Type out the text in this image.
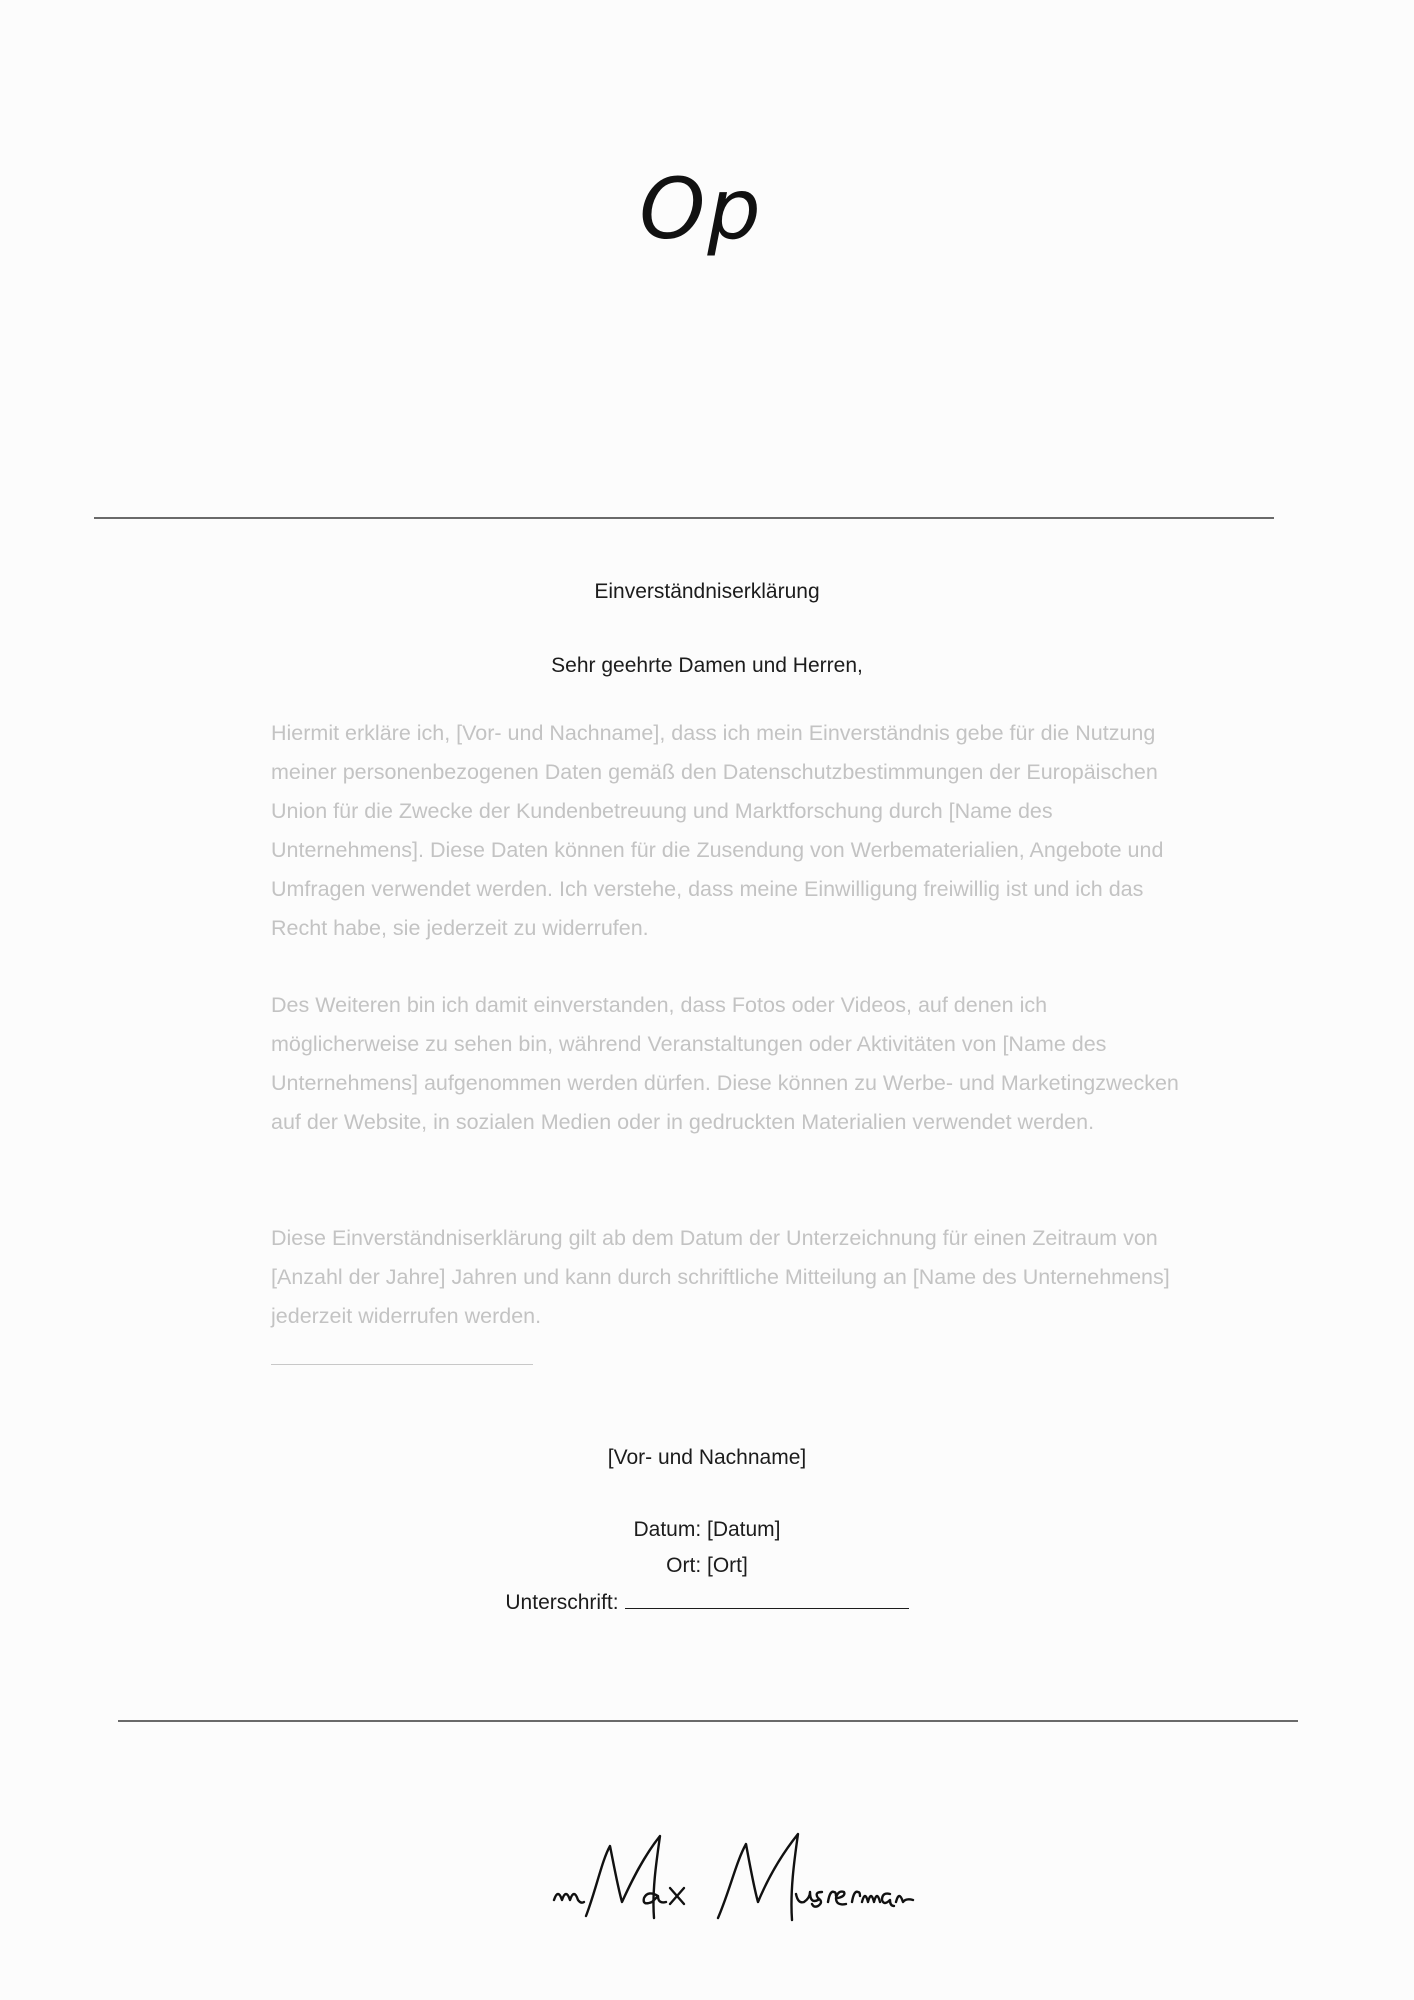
Op
Einverständniserklärung
Sehr geehrte Damen und Herren,
Hiermit erkläre ich, [Vor- und Nachname], dass ich mein Einverständnis gebe für die Nutzung meiner personenbezogenen Daten gemäß den Datenschutzbestimmungen der Europäischen Union für die Zwecke der Kundenbetreuung und Marktforschung durch [Name des Unternehmens]. Diese Daten können für die Zusendung von Werbematerialien, Angebote und Umfragen verwendet werden. Ich verstehe, dass meine Einwilligung freiwillig ist und ich das Recht habe, sie jederzeit zu widerrufen.
Des Weiteren bin ich damit einverstanden, dass Fotos oder Videos, auf denen ich möglicherweise zu sehen bin, während Veranstaltungen oder Aktivitäten von [Name des Unternehmens] aufgenommen werden dürfen. Diese können zu Werbe- und Marketingzwecken auf der Website, in sozialen Medien oder in gedruckten Materialien verwendet werden.
Diese Einverständniserklärung gilt ab dem Datum der Unterzeichnung für einen Zeitraum von [Anzahl der Jahre] Jahren und kann durch schriftliche Mitteilung an [Name des Unternehmens] jederzeit widerrufen werden.
[Vor- und Nachname]
Datum: [Datum]
Ort: [Ort]
Unterschrift:
